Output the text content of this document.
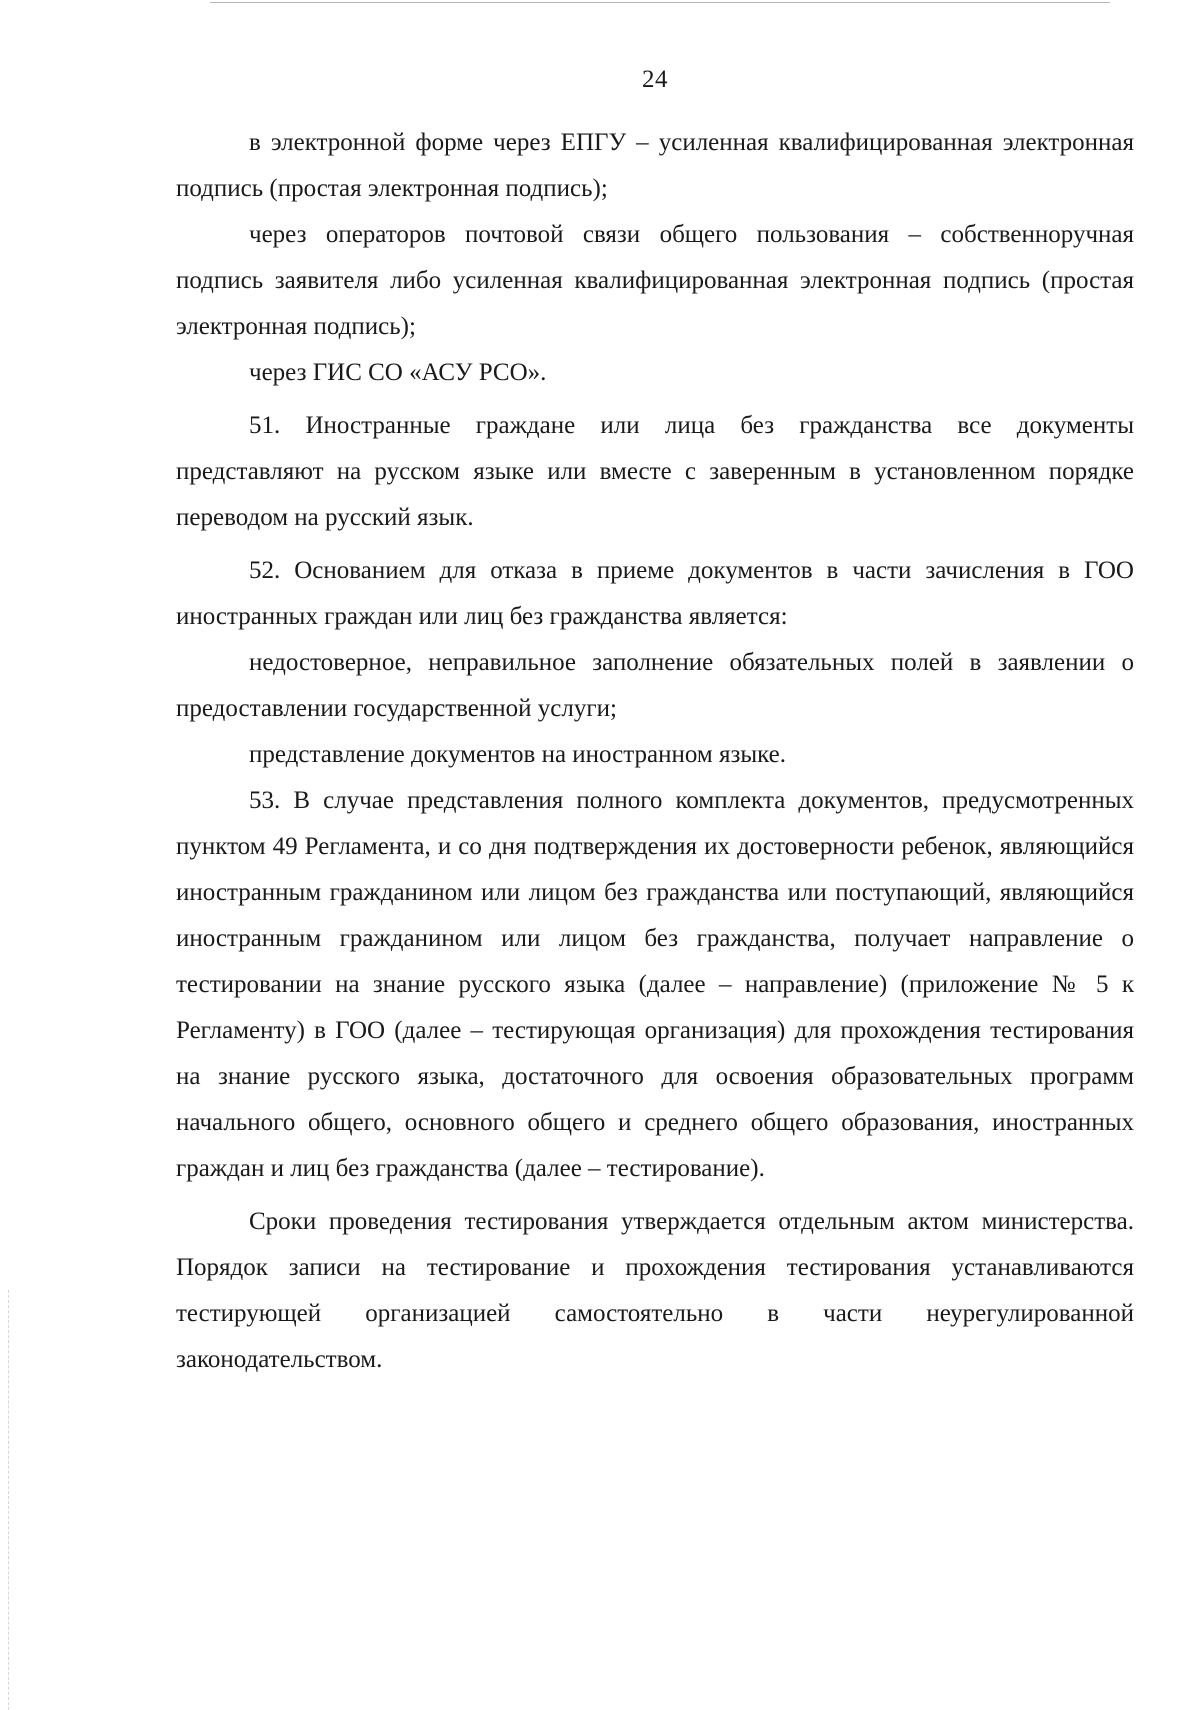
24

в электронной форме через ЕПГУ – усиленная квалифицированная электронная подпись (простая электронная подпись);

через операторов почтовой связи общего пользования – собственноручная подпись заявителя либо усиленная квалифицированная электронная подпись (простая электронная подпись);

через ГИС СО «АСУ РСО».

51. Иностранные граждане или лица без гражданства все документы представляют на русском языке или вместе с заверенным в установленном порядке переводом на русский язык.

52. Основанием для отказа в приеме документов в части зачисления в ГОО иностранных граждан или лиц без гражданства является:

недостоверное, неправильное заполнение обязательных полей в заявлении о предоставлении государственной услуги;

представление документов на иностранном языке.

53. В случае представления полного комплекта документов, предусмотренных пунктом 49 Регламента, и со дня подтверждения их достоверности ребенок, являющийся иностранным гражданином или лицом без гражданства или поступающий, являющийся иностранным гражданином или лицом без гражданства, получает направление о тестировании на знание русского языка (далее – направление) (приложение № 5 к Регламенту) в ГОО (далее – тестирующая организация) для прохождения тестирования на знание русского языка, достаточного для освоения образовательных программ начального общего, основного общего и среднего общего образования, иностранных граждан и лиц без гражданства (далее – тестирование).

Сроки проведения тестирования утверждается отдельным актом министерства. Порядок записи на тестирование и прохождения тестирования устанавливаются тестирующей организацией самостоятельно в части неурегулированной законодательством.
